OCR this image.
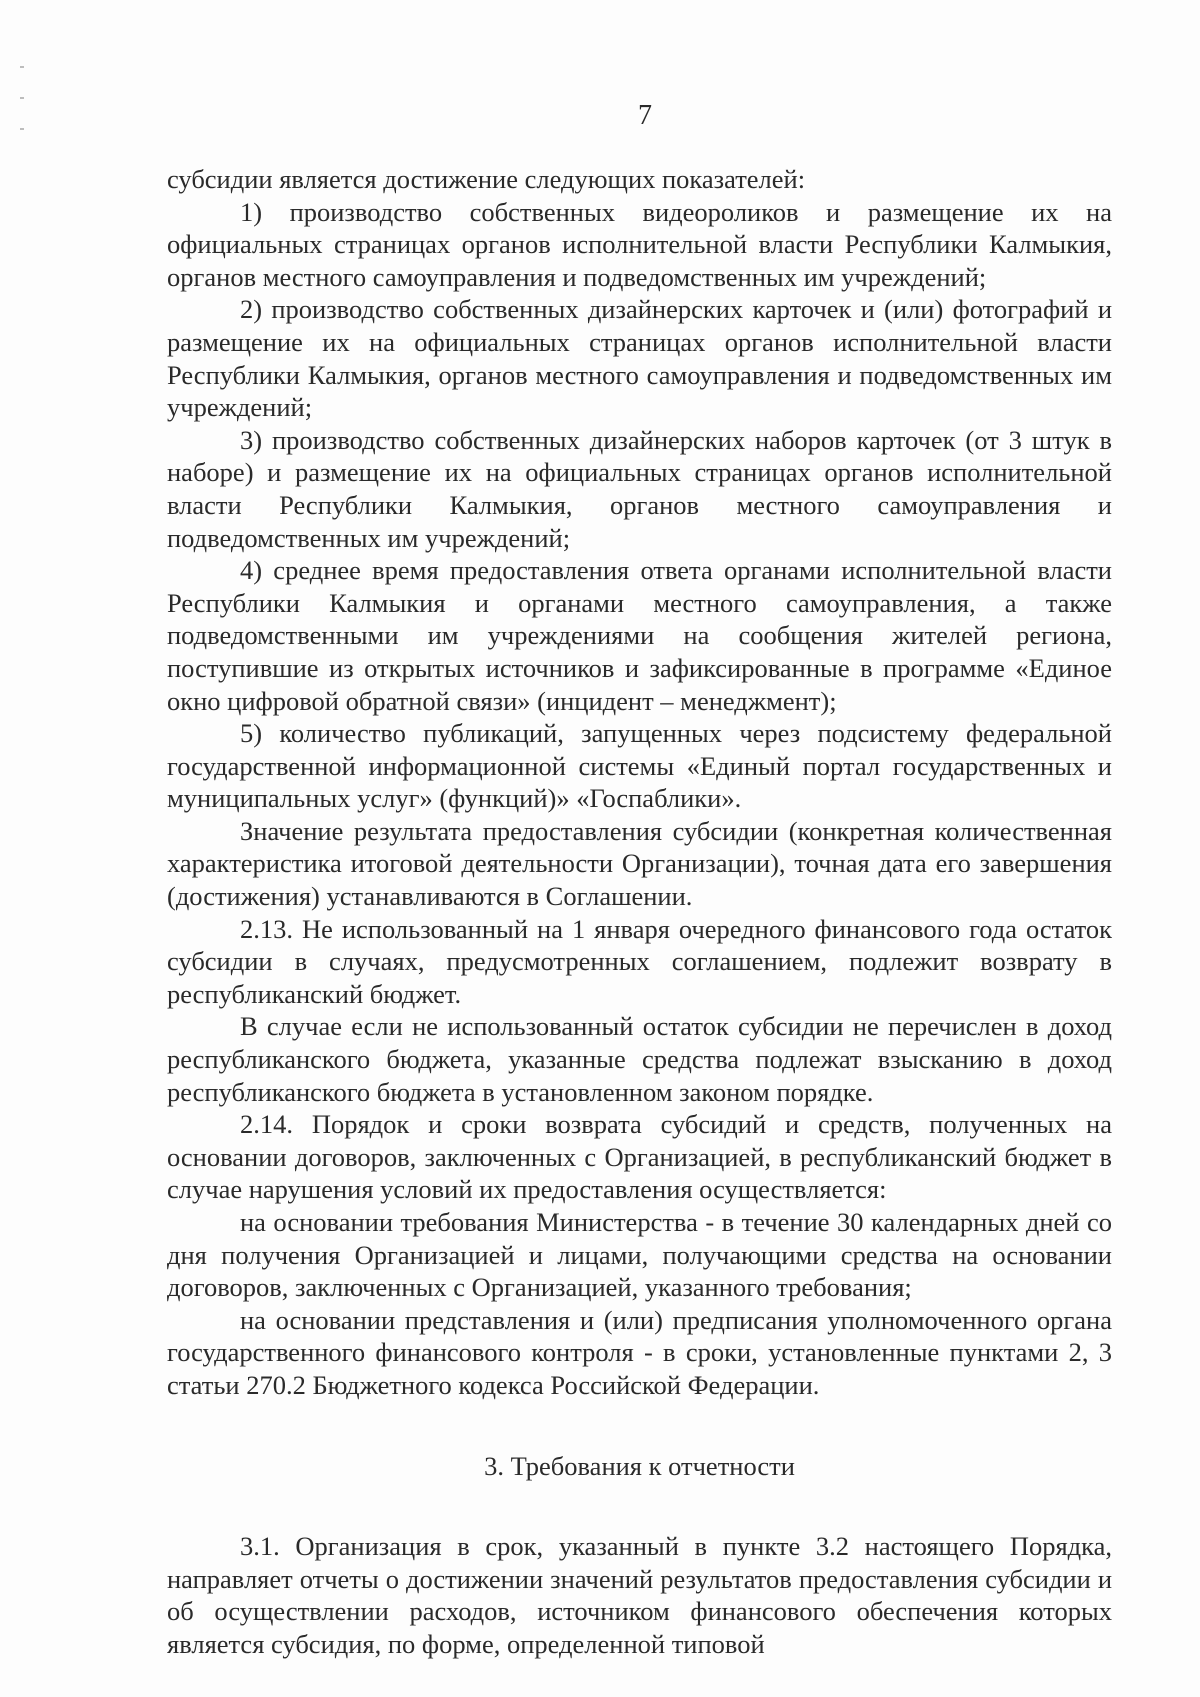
7

субсидии является достижение следующих показателей:

1) производство собственных видеороликов и размещение их на официальных страницах органов исполнительной власти Республики Калмыкия, органов местного самоуправления и подведомственных им учреждений;

2) производство собственных дизайнерских карточек и (или) фотографий и размещение их на официальных страницах органов исполнительной власти Республики Калмыкия, органов местного самоуправления и подведомственных им учреждений;

3) производство собственных дизайнерских наборов карточек (от 3 штук в наборе) и размещение их на официальных страницах органов исполнительной власти Республики Калмыкия, органов местного самоуправления и подведомственных им учреждений;

4) среднее время предоставления ответа органами исполнительной власти Республики Калмыкия и органами местного самоуправления, а также подведомственными им учреждениями на сообщения жителей региона, поступившие из открытых источников и зафиксированные в программе «Единое окно цифровой обратной связи» (инцидент – менеджмент);

5) количество публикаций, запущенных через подсистему федеральной государственной информационной системы «Единый портал государственных и муниципальных услуг» (функций)» «Госпаблики».

Значение результата предоставления субсидии (конкретная количественная характеристика итоговой деятельности Организации), точная дата его завершения (достижения) устанавливаются в Соглашении.

2.13. Не использованный на 1 января очередного финансового года остаток субсидии в случаях, предусмотренных соглашением, подлежит возврату в республиканский бюджет.

В случае если не использованный остаток субсидии не перечислен в доход республиканского бюджета, указанные средства подлежат взысканию в доход республиканского бюджета в установленном законом порядке.

2.14. Порядок и сроки возврата субсидий и средств, полученных на основании договоров, заключенных с Организацией, в республиканский бюджет в случае нарушения условий их предоставления осуществляется:

на основании требования Министерства - в течение 30 календарных дней со дня получения Организацией и лицами, получающими средства на основании договоров, заключенных с Организацией, указанного требования;

на основании представления и (или) предписания уполномоченного органа государственного финансового контроля - в сроки, установленные пунктами 2, 3 статьи 270.2 Бюджетного кодекса Российской Федерации.

3. Требования к отчетности

3.1. Организация в срок, указанный в пункте 3.2 настоящего Порядка, направляет отчеты о достижении значений результатов предоставления субсидии и об осуществлении расходов, источником финансового обеспечения которых является субсидия, по форме, определенной типовой
